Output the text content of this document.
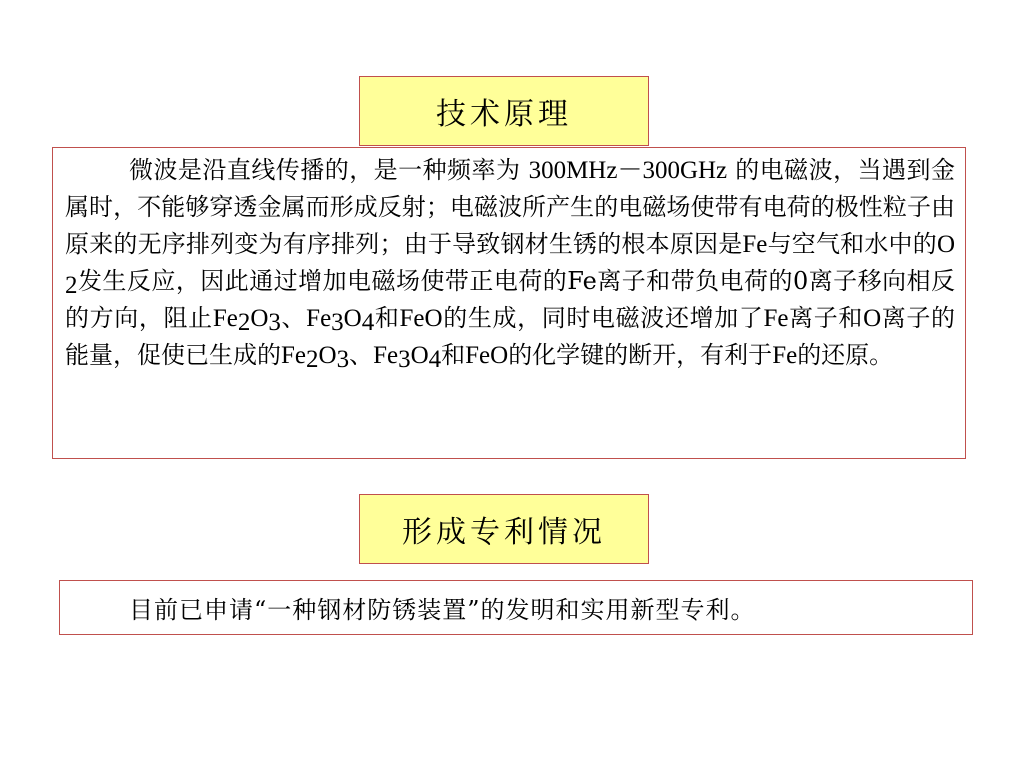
技术原理

微波是沿直线传播的，是一种频率为 300MHz－300GHz 的电磁波，当遇到金属时，不能够穿透金属而形成反射；电磁波所产生的电磁场使带有电荷的极性粒子由原来的无序排列变为有序排列；由于导致钢材生锈的根本原因是Fe与空气和水中的$O_2$发生反应，因此通过增加电磁场使带正电荷的Fe离子和带负电荷的0离子移向相反的方向，阻止$Fe_2O_3$、$Fe_3O_4$和FeO的生成，同时电磁波还增加了Fe离子和O离子的能量，促使已生成的$Fe_2O_3$、$Fe_3O_4$和FeO的化学键的断开，有利于Fe的还原。

形成专利情况
目前已申请“一种钢材防锈装置”的发明和实用新型专利。
